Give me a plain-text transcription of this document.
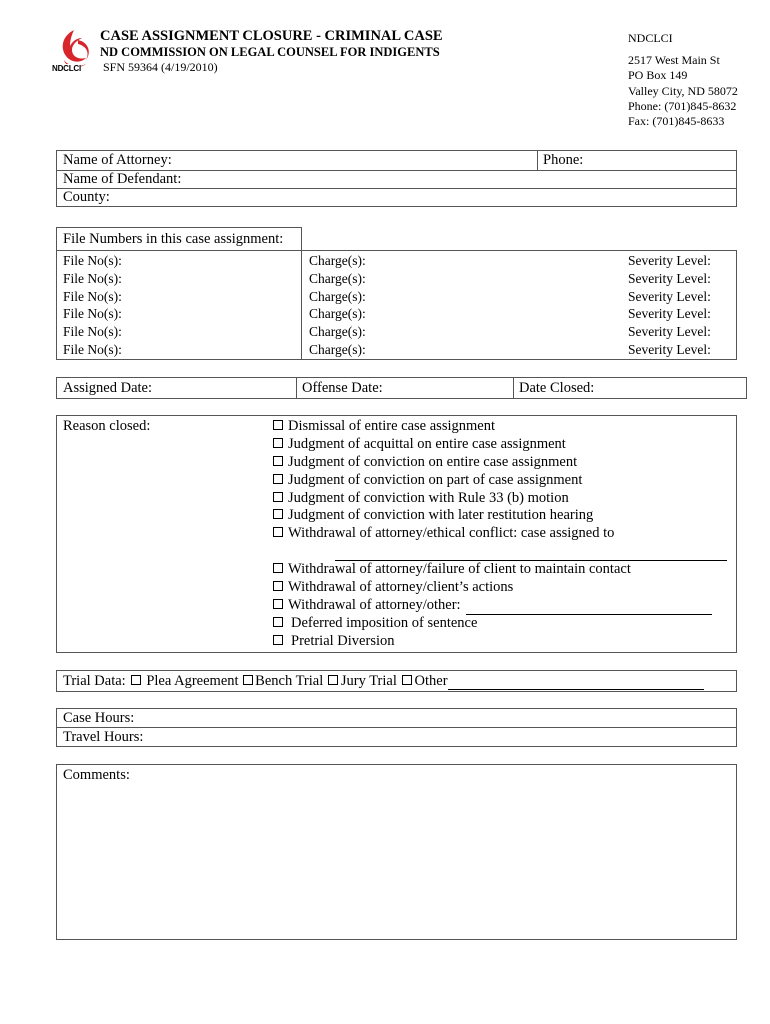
NDCLCI
CASE ASSIGNMENT CLOSURE - CRIMINAL CASE
ND COMMISSION ON LEGAL COUNSEL FOR INDIGENTS
SFN 59364 (4/19/2010)
NDCLCI
2517 West Main St
PO Box 149
Valley City, ND 58072
Phone: (701)845-8632
Fax: (701)845-8633
Name of Attorney:	Phone:
Name of Defendant:
County:
File Numbers in this case assignment:
File No(s):	Charge(s):	Severity Level:
File No(s):	Charge(s):	Severity Level:
File No(s):	Charge(s):	Severity Level:
File No(s):	Charge(s):	Severity Level:
File No(s):	Charge(s):	Severity Level:
File No(s):	Charge(s):	Severity Level:
Assigned Date:	Offense Date:	Date Closed:
Reason closed:	Dismissal of entire case assignment
Judgment of acquittal on entire case assignment
Judgment of conviction on entire case assignment
Judgment of conviction on part of case assignment
Judgment of conviction with Rule 33 (b) motion
Judgment of conviction with later restitution hearing
Withdrawal of attorney/ethical conflict: case assigned to
Withdrawal of attorney/failure of client to maintain contact
Withdrawal of attorney/client’s actions
Withdrawal of attorney/other:
Deferred imposition of sentence
Pretrial Diversion
Trial Data: Plea Agreement Bench Trial Jury Trial Other
Case Hours:
Travel Hours:
Comments:
